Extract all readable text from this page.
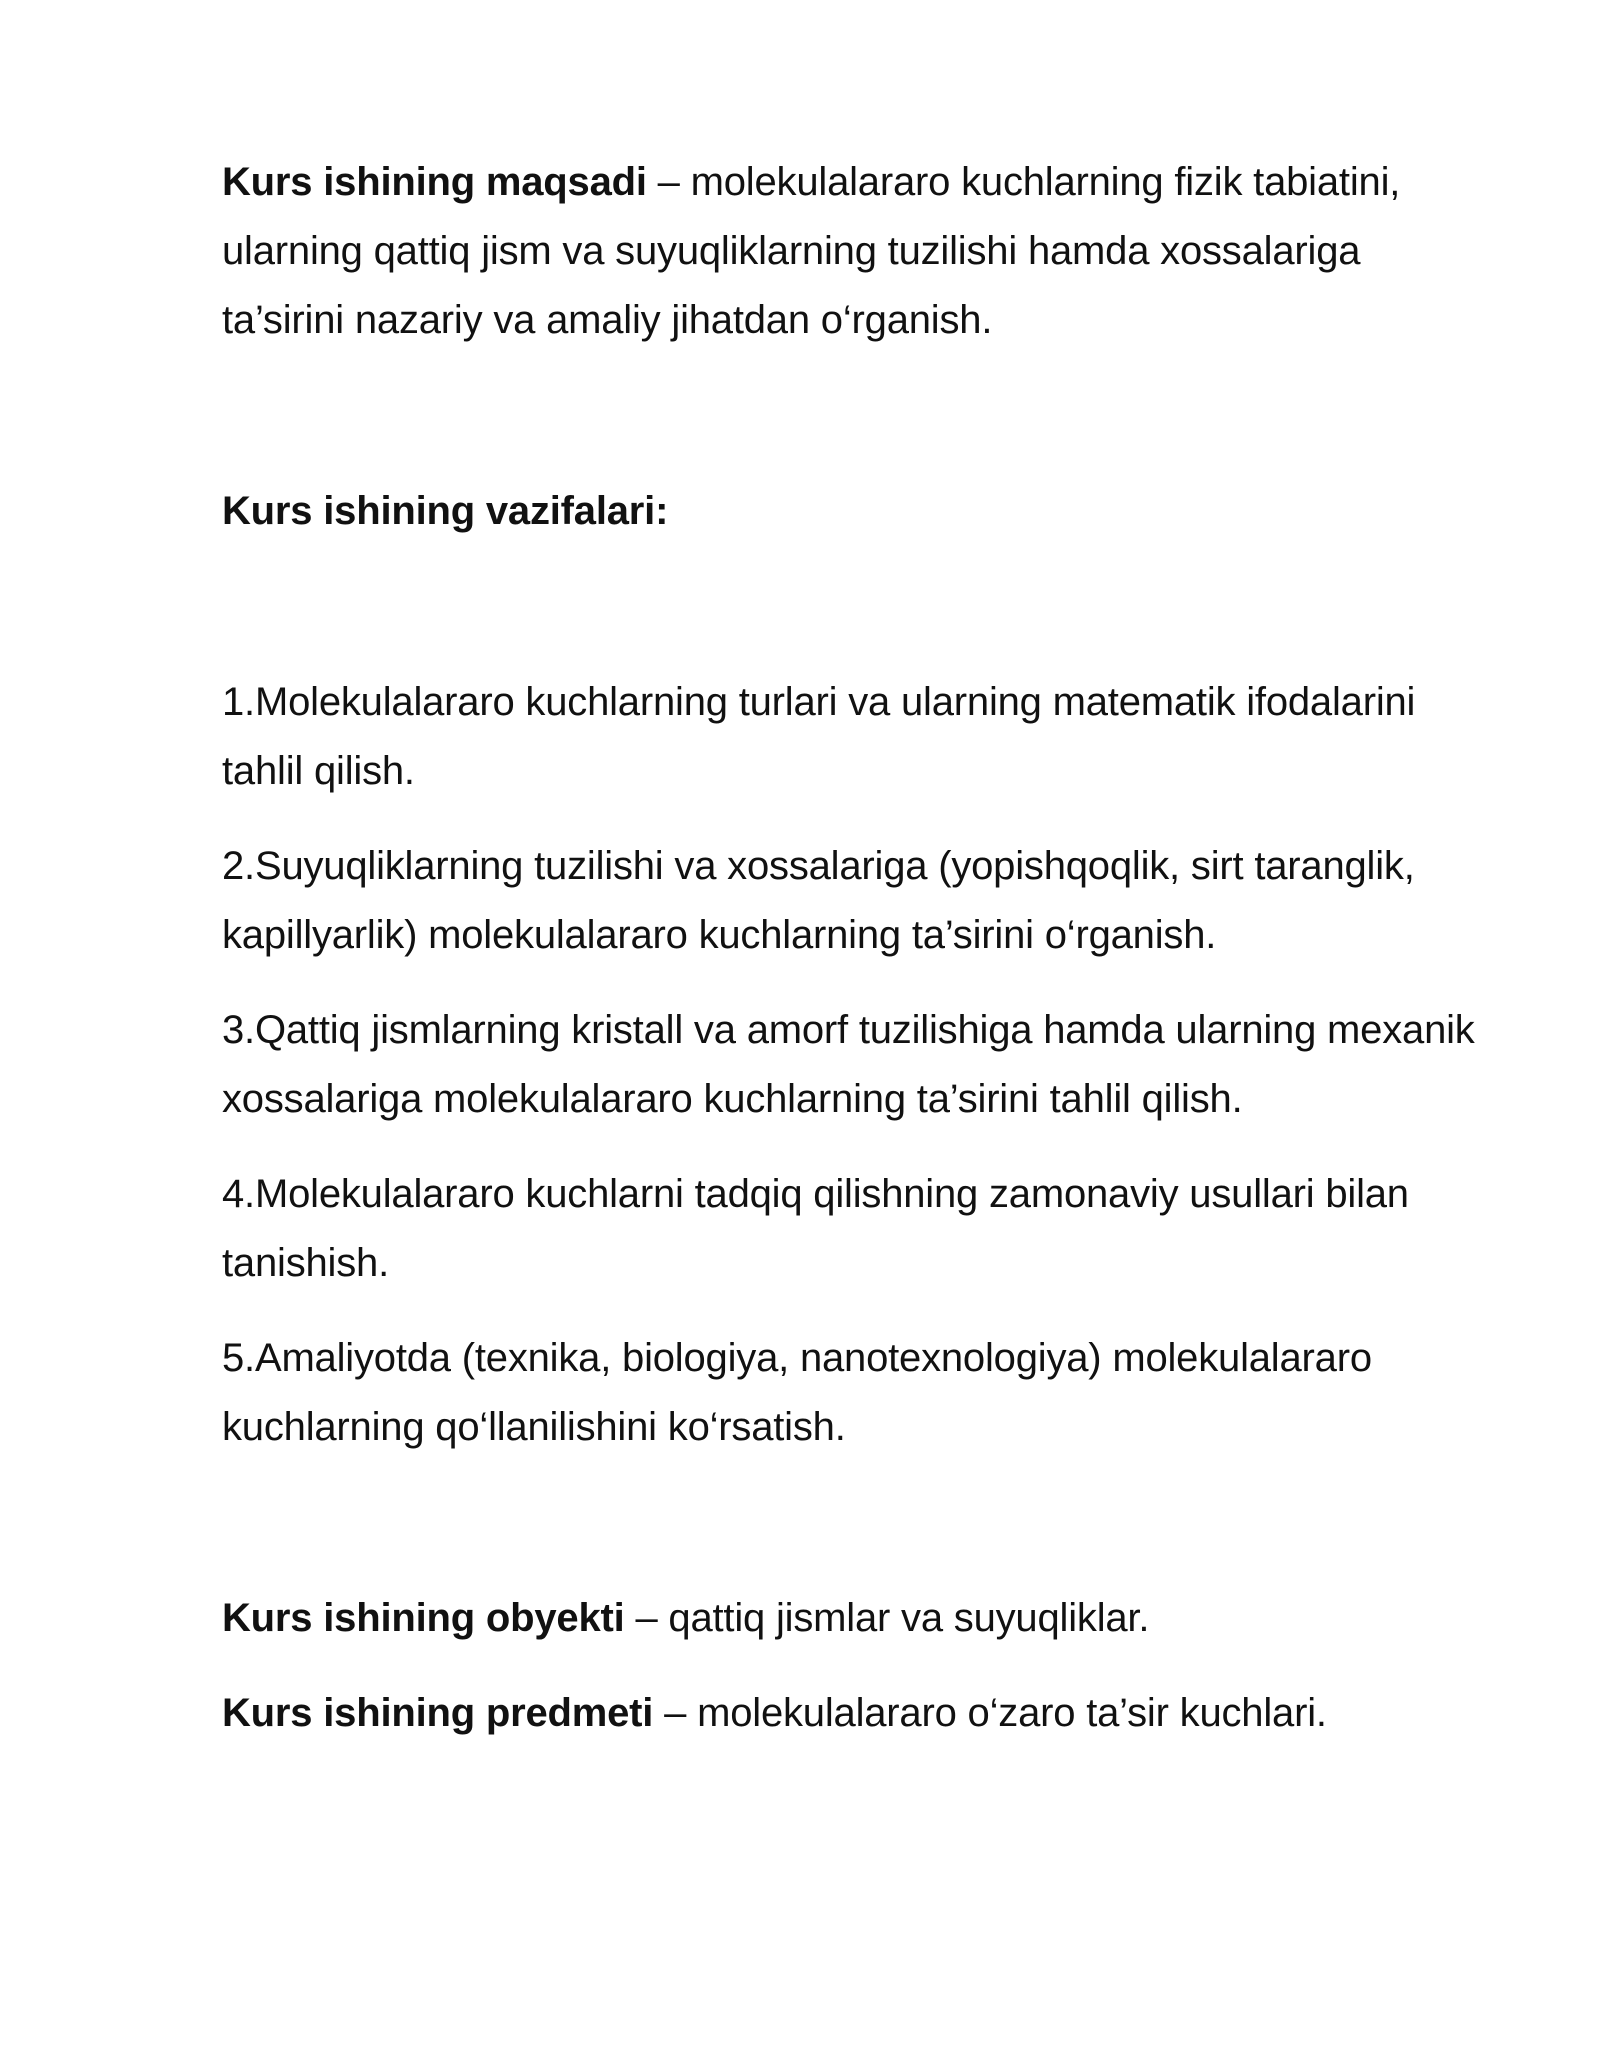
Kurs ishining maqsadi – molekulalararo kuchlarning fizik tabiatini, ularning qattiq jism va suyuqliklarning tuzilishi hamda xossalariga ta’sirini nazariy va amaliy jihatdan o‘rganish.

Kurs ishining vazifalari:

1.Molekulalararo kuchlarning turlari va ularning matematik ifodalarini tahlil qilish.

2.Suyuqliklarning tuzilishi va xossalariga (yopishqoqlik, sirt taranglik, kapillyarlik) molekulalararo kuchlarning ta’sirini o‘rganish.

3.Qattiq jismlarning kristall va amorf tuzilishiga hamda ularning mexanik xossalariga molekulalararo kuchlarning ta’sirini tahlil qilish.

4.Molekulalararo kuchlarni tadqiq qilishning zamonaviy usullari bilan tanishish.

5.Amaliyotda (texnika, biologiya, nanotexnologiya) molekulalararo kuchlarning qo‘llanilishini ko‘rsatish.

Kurs ishining obyekti – qattiq jismlar va suyuqliklar.

Kurs ishining predmeti – molekulalararo o‘zaro ta’sir kuchlari.
